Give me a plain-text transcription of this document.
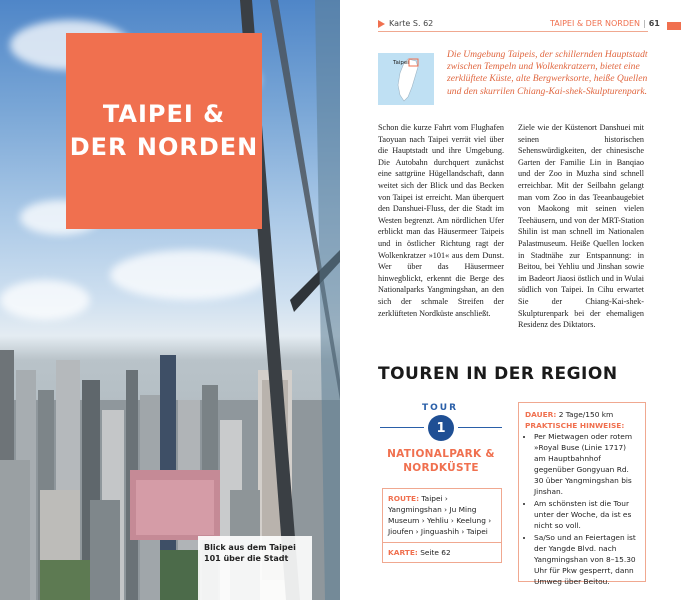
TAIPEI &
DER NORDEN
Blick aus dem Taipei 101 über die Stadt
Karte S. 62	TAIPEI & DER NORDEN | 61
Taipei
Die Umgebung Taipeis, der schillernden Hauptstadt zwischen Tempeln und Wolkenkratzern, bietet eine zerklüftete Küste, alte Bergwerksorte, heiße Quellen und den skurrilen Chiang-Kai-shek-Skulpturenpark.
Schon die kurze Fahrt vom Flughafen Taoyuan nach Taipei verrät viel über die Hauptstadt und ihre Umgebung. Die Autobahn durchquert zunächst eine sattgrüne Hügellandschaft, dann weitet sich der Blick und das Becken von Taipei ist erreicht. Man überquert den Danshuei-Fluss, der die Stadt im Westen begrenzt. Am nördlichen Ufer erblickt man das Häusermeer Taipeis und in östlicher Richtung ragt der Wolkenkratzer »101« aus dem Dunst. Wer über das Häusermeer hinwegblickt, erkennt die Berge des Nationalparks Yangmingshan, an den sich der schmale Streifen der zerklüfteten Nordküste anschließt.
Ziele wie der Küstenort Danshuei mit seinen historischen Sehenswürdigkeiten, der chinesische Garten der Familie Lin in Banqiao und der Zoo in Muzha sind schnell erreichbar. Mit der Seilbahn gelangt man vom Zoo in das Teeanbaugebiet von Maokong mit seinen vielen Teehäusern, und von der MRT-Station Shilin ist man schnell im Nationalen Palastmuseum. Heiße Quellen locken in Stadtnähe zur Entspannung: in Beitou, bei Yehliu und Jinshan sowie im Badeort Jiaosi östlich und in Wulai südlich von Taipei. In Cihu erwartet Sie der Chiang-Kai-shek-Skulpturenpark bei der ehemaligen Residenz des Diktators.
TOUREN IN DER REGION
TOUR
1
NATIONALPARK &
NORDKÜSTE
ROUTE: Taipei › Yangmingshan › Ju Ming Museum › Yehliu › Keelung › Jioufen › Jinguashih › Taipei
KARTE: Seite 62
DAUER: 2 Tage/150 km
PRAKTISCHE HINWEISE:
• Per Mietwagen oder rotem »Royal Buse (Linie 1717) am Hauptbahnhof gegenüber Gongyuan Rd. 30 über Yangmingshan bis Jinshan.
• Am schönsten ist die Tour unter der Woche, da ist es nicht so voll.
• Sa/So und an Feiertagen ist der Yangde Blvd. nach Yangmingshan von 8–15.30 Uhr für Pkw gesperrt, dann Umweg über Beitou.
